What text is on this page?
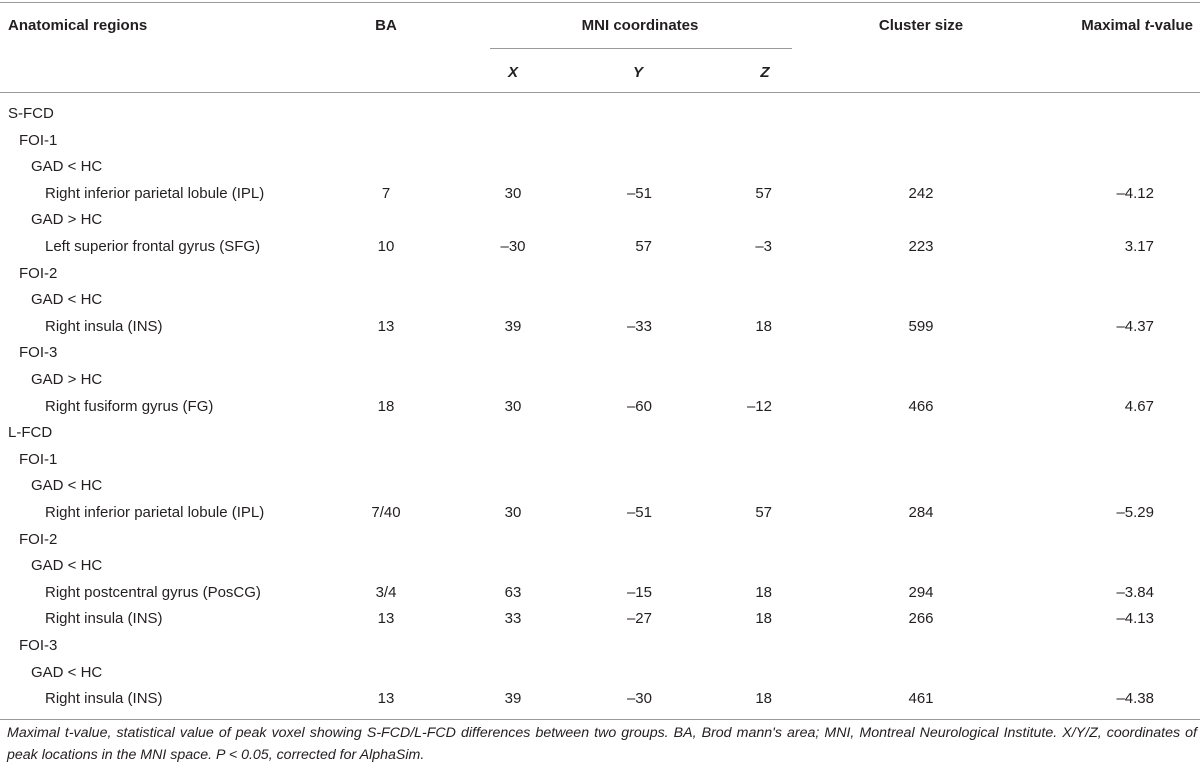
Anatomical regions	BA	MNI coordinates	Cluster size	Maximal t-value
X	Y	Z
S-FCD
FOI-1
GAD < HC
Right inferior parietal lobule (IPL)	7	30	–51	57	242	–4.12
GAD > HC
Left superior frontal gyrus (SFG)	10	–30	57	–3	223	3.17
FOI-2
GAD < HC
Right insula (INS)	13	39	–33	18	599	–4.37
FOI-3
GAD > HC
Right fusiform gyrus (FG)	18	30	–60	–12	466	4.67
L-FCD
FOI-1
GAD < HC
Right inferior parietal lobule (IPL)	7/40	30	–51	57	284	–5.29
FOI-2
GAD < HC
Right postcentral gyrus (PosCG)	3/4	63	–15	18	294	–3.84
Right insula (INS)	13	33	–27	18	266	–4.13
FOI-3
GAD < HC
Right insula (INS)	13	39	–30	18	461	–4.38
Maximal t-value, statistical value of peak voxel showing S-FCD/L-FCD differences between two groups. BA, Brod mann's area; MNI, Montreal Neurological Institute. X/Y/Z, coordinates of peak locations in the MNI space. P < 0.05, corrected for AlphaSim.
